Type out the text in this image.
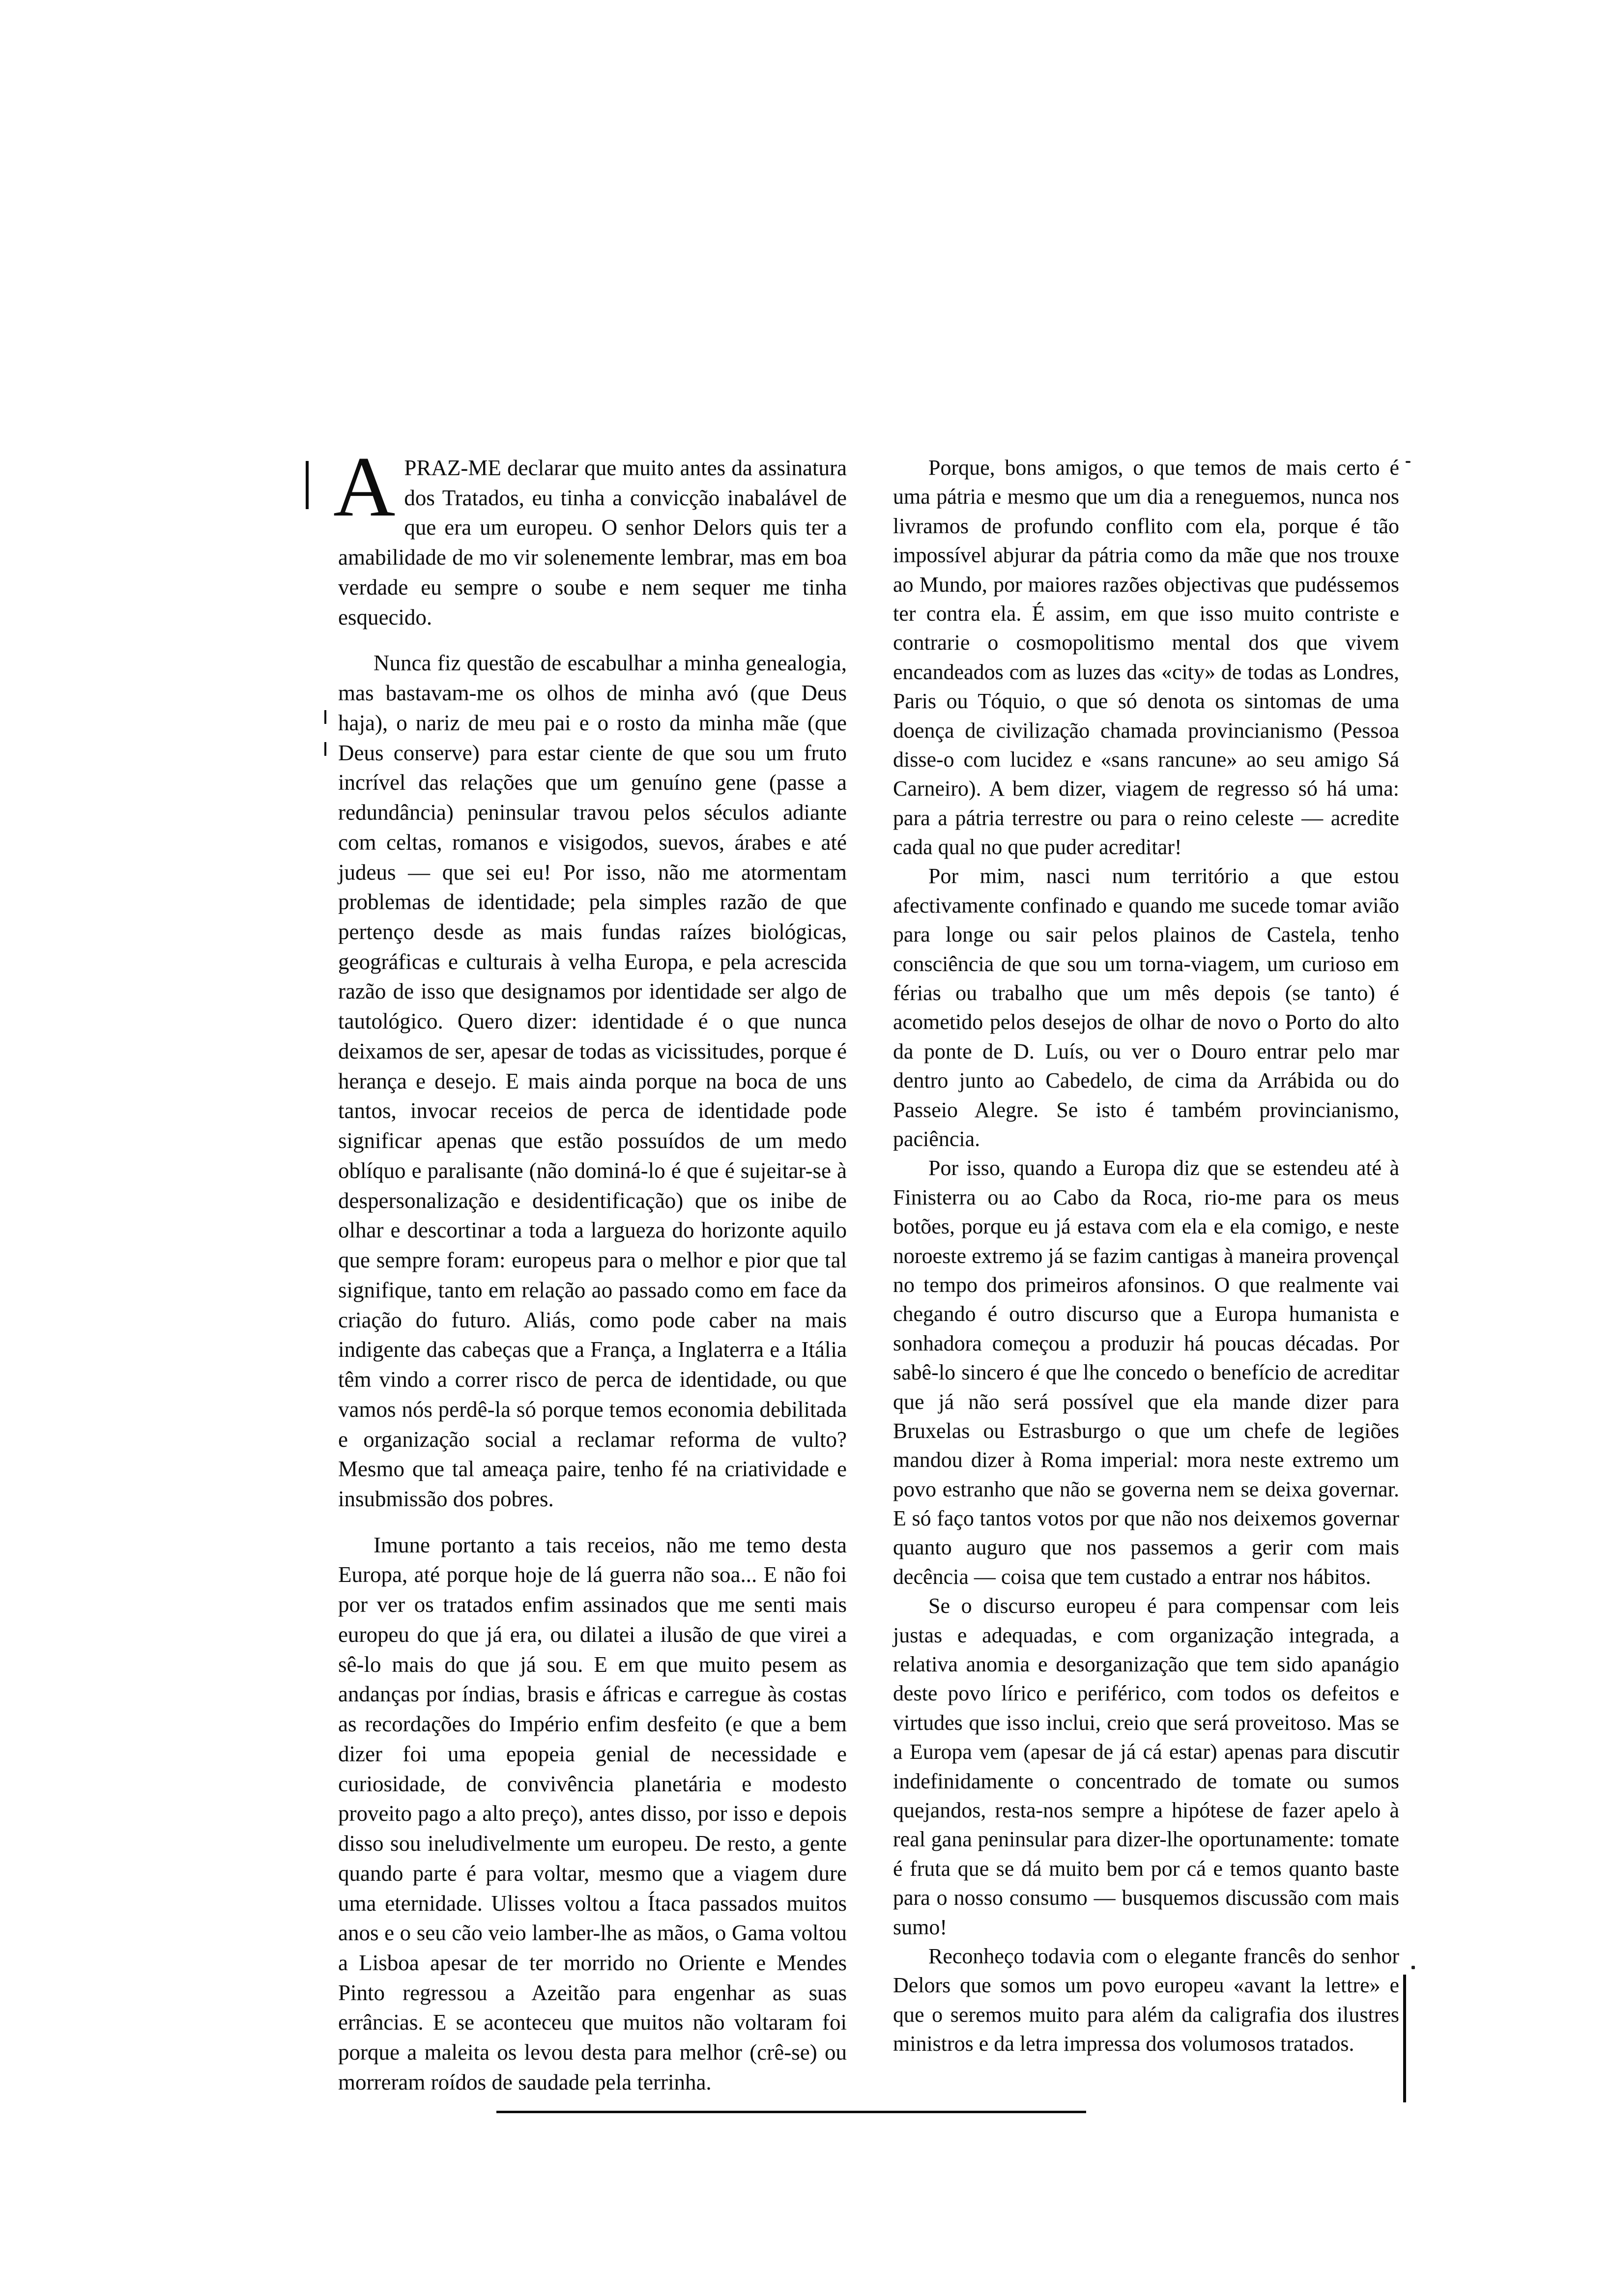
APRAZ-ME declarar que muito antes da assinatura dos Tratados, eu tinha a convicção inabalável de que era um europeu. O senhor Delors quis ter a amabilidade de mo vir solenemente lembrar, mas em boa verdade eu sempre o soube e nem sequer me tinha esquecido.

Nunca fiz questão de escabulhar a minha genealogia, mas bastavam-me os olhos de minha avó (que Deus haja), o nariz de meu pai e o rosto da minha mãe (que Deus conserve) para estar ciente de que sou um fruto incrível das relações que um genuíno gene (passe a redundância) peninsular travou pelos séculos adiante com celtas, romanos e visigodos, suevos, árabes e até judeus — que sei eu! Por isso, não me atormentam problemas de identidade; pela simples razão de que pertenço desde as mais fundas raízes biológicas, geográficas e culturais à velha Europa, e pela acrescida razão de isso que designamos por identidade ser algo de tautológico. Quero dizer: identidade é o que nunca deixamos de ser, apesar de todas as vicissitudes, porque é herança e desejo. E mais ainda porque na boca de uns tantos, invocar receios de perca de identidade pode significar apenas que estão possuídos de um medo oblíquo e paralisante (não dominá-lo é que é sujeitar-se à despersonalização e desidentificação) que os inibe de olhar e descortinar a toda a largueza do horizonte aquilo que sempre foram: europeus para o melhor e pior que tal signifique, tanto em relação ao passado como em face da criação do futuro. Aliás, como pode caber na mais indigente das cabeças que a França, a Inglaterra e a Itália têm vindo a correr risco de perca de identidade, ou que vamos nós perdê-la só porque temos economia debilitada e organização social a reclamar reforma de vulto? Mesmo que tal ameaça paire, tenho fé na criatividade e insubmissão dos pobres.

Imune portanto a tais receios, não me temo desta Europa, até porque hoje de lá guerra não soa... E não foi por ver os tratados enfim assinados que me senti mais europeu do que já era, ou dilatei a ilusão de que virei a sê-lo mais do que já sou. E em que muito pesem as andanças por índias, brasis e áfricas e carregue às costas as recordações do Império enfim desfeito (e que a bem dizer foi uma epopeia genial de necessidade e curiosidade, de convivência planetária e modesto proveito pago a alto preço), antes disso, por isso e depois disso sou ineludivelmente um europeu. De resto, a gente quando parte é para voltar, mesmo que a viagem dure uma eternidade. Ulisses voltou a Ítaca passados muitos anos e o seu cão veio lamber-lhe as mãos, o Gama voltou a Lisboa apesar de ter morrido no Oriente e Mendes Pinto regressou a Azeitão para engenhar as suas errâncias. E se aconteceu que muitos não voltaram foi porque a maleita os levou desta para melhor (crê-se) ou morreram roídos de saudade pela terrinha.

Porque, bons amigos, o que temos de mais certo é uma pátria e mesmo que um dia a reneguemos, nunca nos livramos de profundo conflito com ela, porque é tão impossível abjurar da pátria como da mãe que nos trouxe ao Mundo, por maiores razões objectivas que pudéssemos ter contra ela. É assim, em que isso muito contriste e contrarie o cosmopolitismo mental dos que vivem encandeados com as luzes das «city» de todas as Londres, Paris ou Tóquio, o que só denota os sintomas de uma doença de civilização chamada provincianismo (Pessoa disse-o com lucidez e «sans rancune» ao seu amigo Sá Carneiro). A bem dizer, viagem de regresso só há uma: para a pátria terrestre ou para o reino celeste — acredite cada qual no que puder acreditar!

Por mim, nasci num território a que estou afectivamente confinado e quando me sucede tomar avião para longe ou sair pelos plainos de Castela, tenho consciência de que sou um torna-viagem, um curioso em férias ou trabalho que um mês depois (se tanto) é acometido pelos desejos de olhar de novo o Porto do alto da ponte de D. Luís, ou ver o Douro entrar pelo mar dentro junto ao Cabedelo, de cima da Arrábida ou do Passeio Alegre. Se isto é também provincianismo, paciência.

Por isso, quando a Europa diz que se estendeu até à Finisterra ou ao Cabo da Roca, rio-me para os meus botões, porque eu já estava com ela e ela comigo, e neste noroeste extremo já se fazim cantigas à maneira provençal no tempo dos primeiros afonsinos. O que realmente vai chegando é outro discurso que a Europa humanista e sonhadora começou a produzir há poucas décadas. Por sabê-lo sincero é que lhe concedo o benefício de acreditar que já não será possível que ela mande dizer para Bruxelas ou Estrasburgo o que um chefe de legiões mandou dizer à Roma imperial: mora neste extremo um povo estranho que não se governa nem se deixa governar. E só faço tantos votos por que não nos deixemos governar quanto auguro que nos passemos a gerir com mais decência — coisa que tem custado a entrar nos hábitos.

Se o discurso europeu é para compensar com leis justas e adequadas, e com organização integrada, a relativa anomia e desorganização que tem sido apanágio deste povo lírico e periférico, com todos os defeitos e virtudes que isso inclui, creio que será proveitoso. Mas se a Europa vem (apesar de já cá estar) apenas para discutir indefinidamente o concentrado de tomate ou sumos quejandos, resta-nos sempre a hipótese de fazer apelo à real gana peninsular para dizer-lhe oportunamente: tomate é fruta que se dá muito bem por cá e temos quanto baste para o nosso consumo — busquemos discussão com mais sumo!

Reconheço todavia com o elegante francês do senhor Delors que somos um povo europeu «avant la lettre» e que o seremos muito para além da caligrafia dos ilustres ministros e da letra impressa dos volumosos tratados.
